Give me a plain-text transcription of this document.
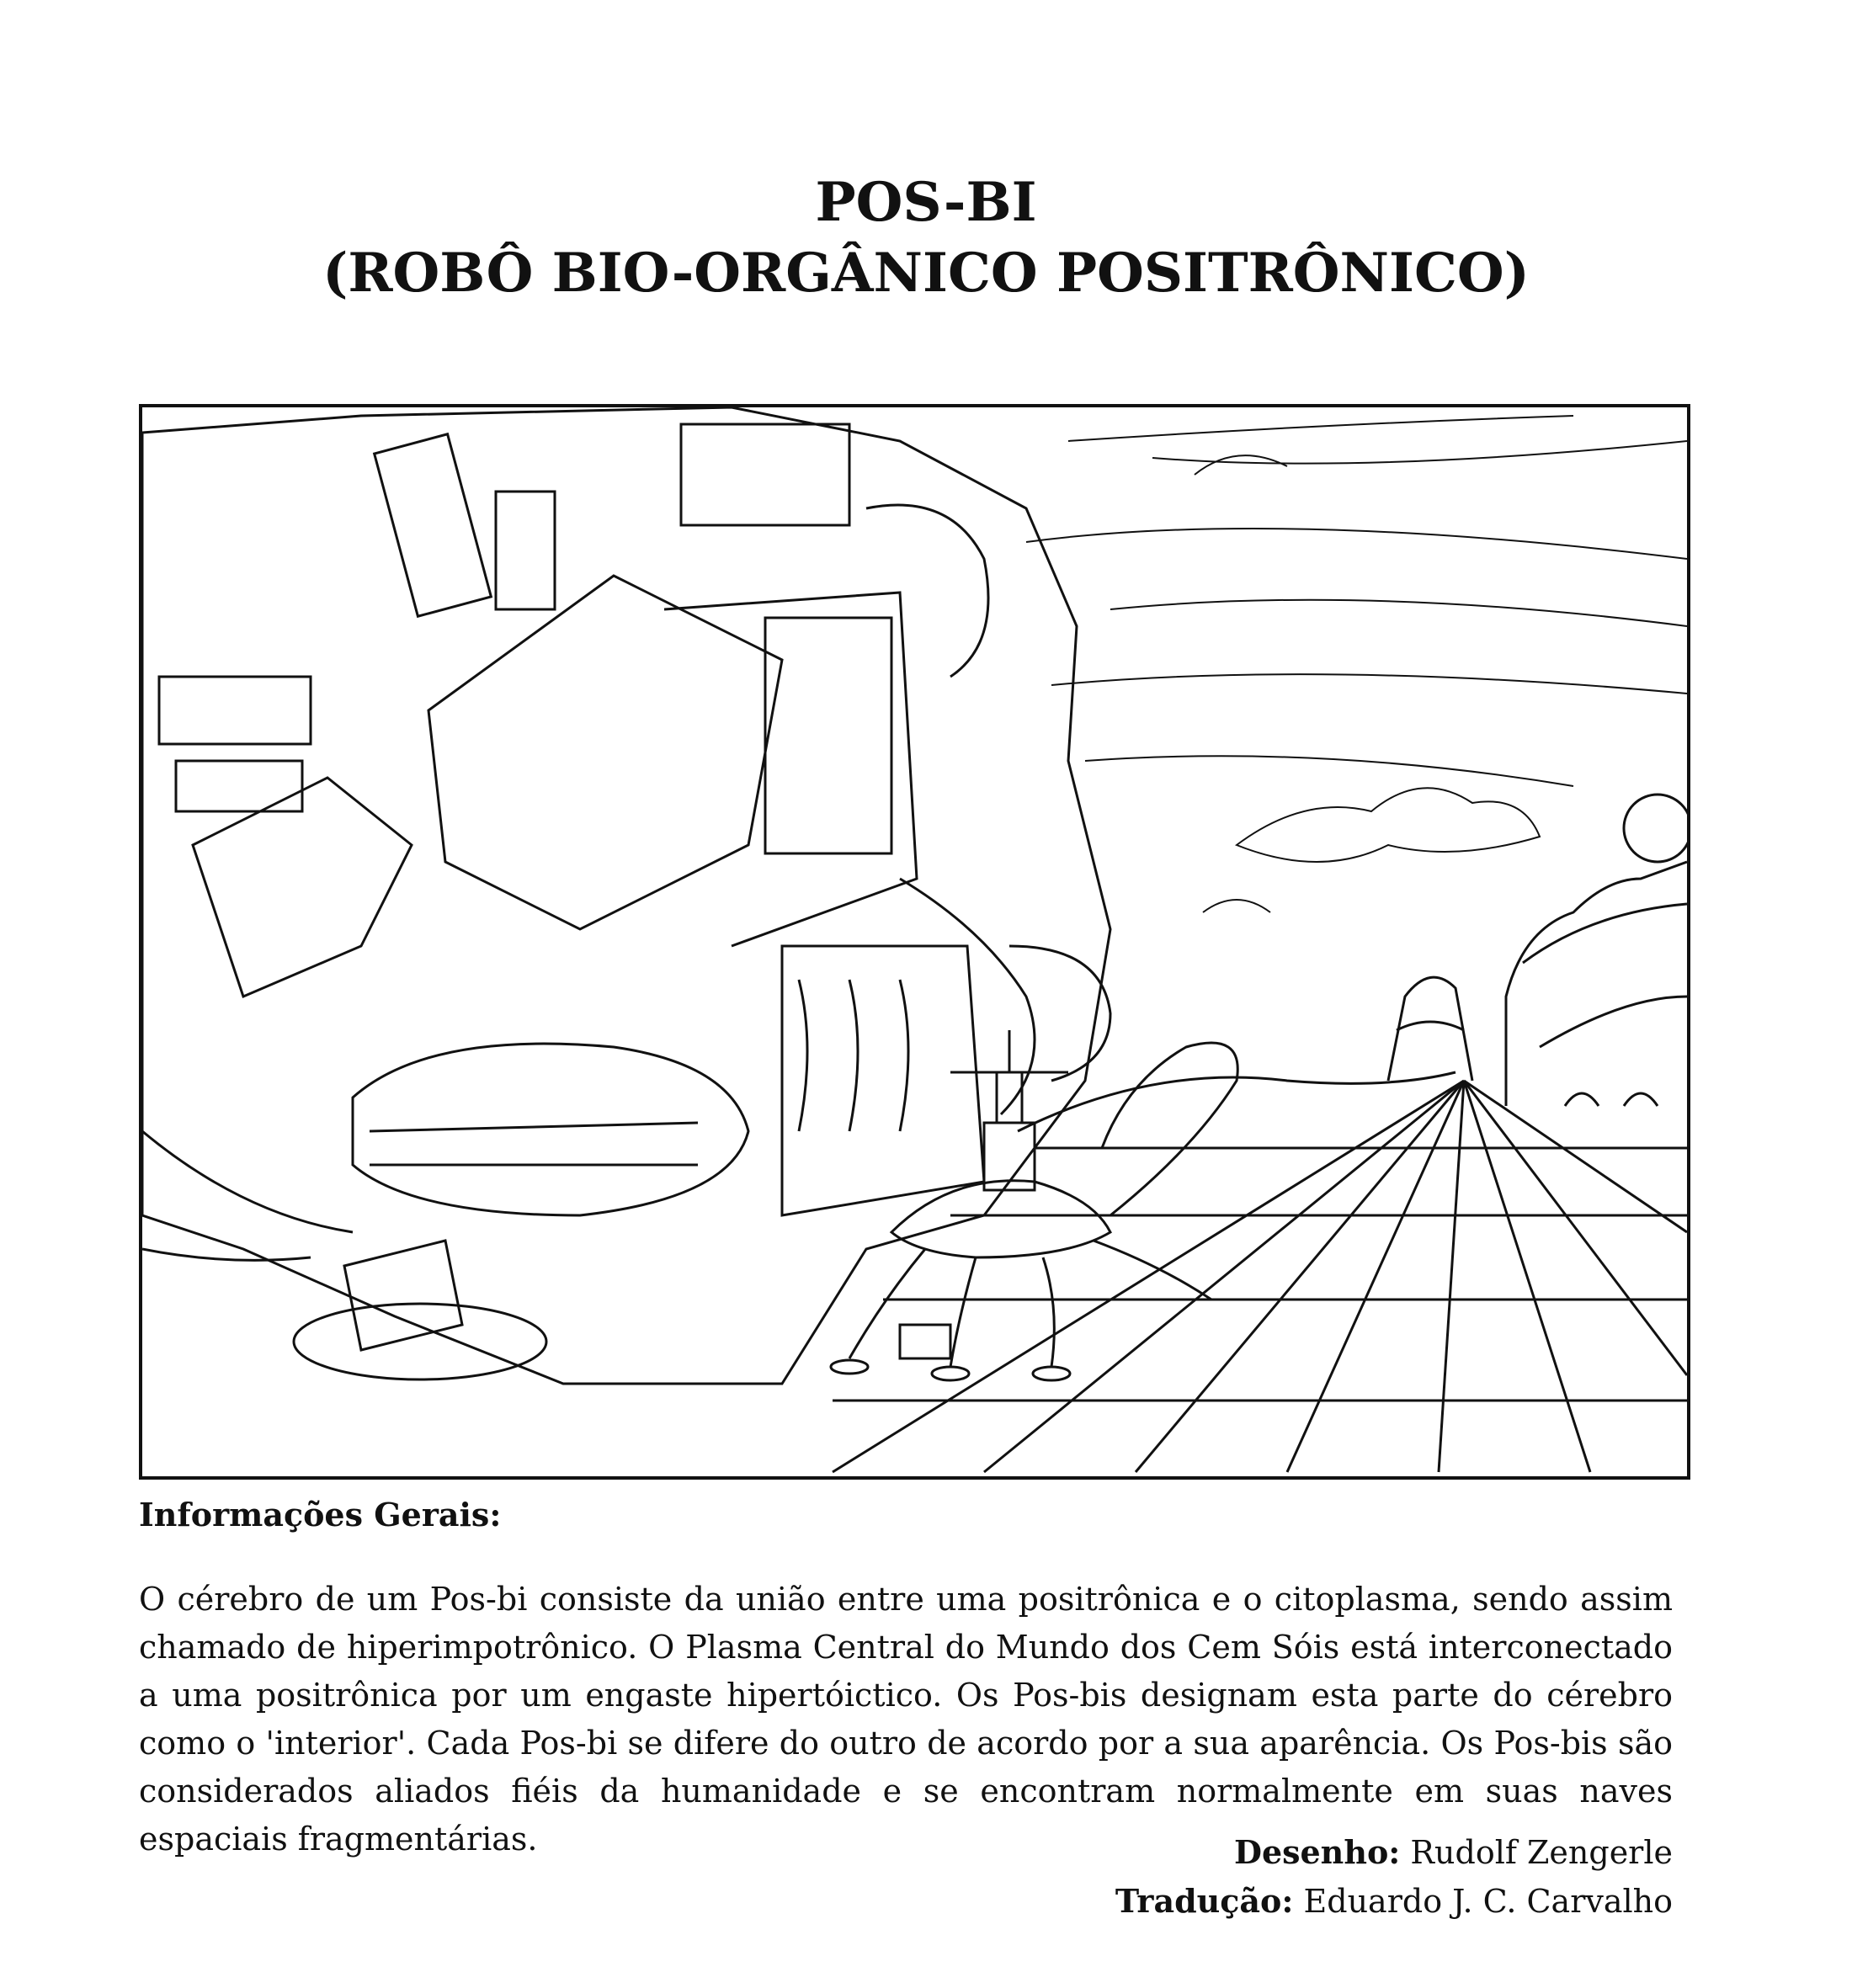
POS-BI
(ROBÔ BIO-ORGÂNICO POSITRÔNICO)
Informações Gerais:

O cérebro de um Pos-bi consiste da união entre uma positrônica e o citoplasma, sendo assim chamado de hiperimpotrônico. O Plasma Central do Mundo dos Cem Sóis está interconectado a uma positrônica por um engaste hipertóictico. Os Pos-bis designam esta parte do cérebro como o 'interior'. Cada Pos-bi se difere do outro de acordo por a sua aparência. Os Pos-bis são considerados aliados fiéis da humanidade e se encontram normalmente em suas naves espaciais fragmentárias.	Desenho: Rudolf Zengerle
Tradução: Eduardo J. C. Carvalho
